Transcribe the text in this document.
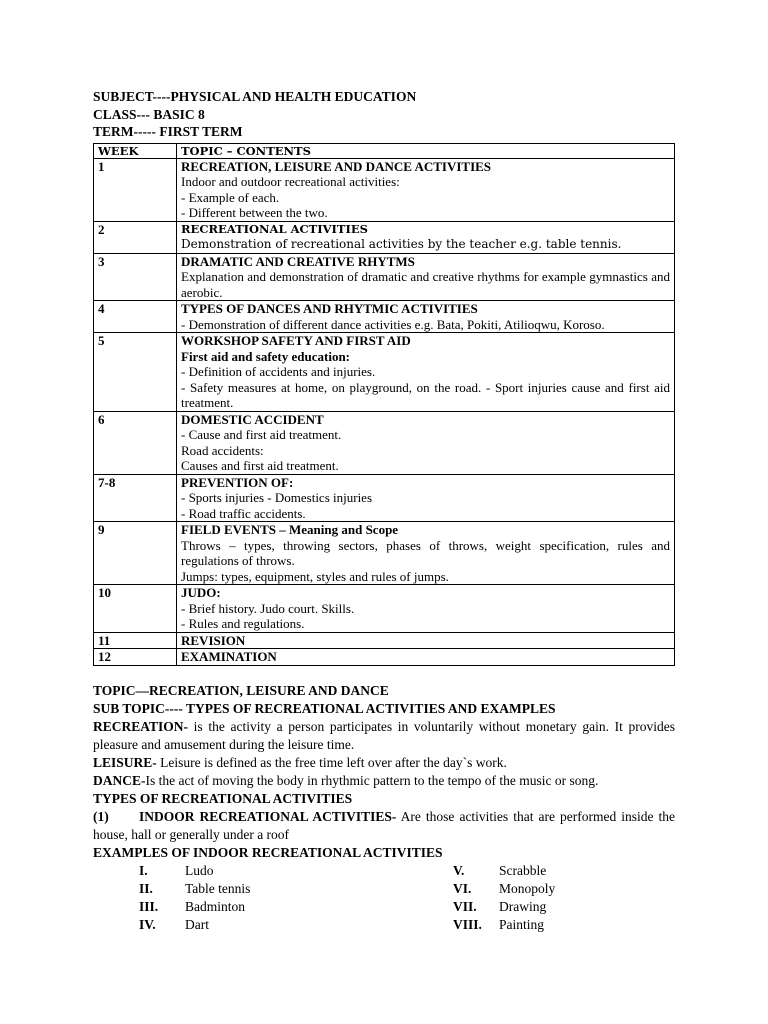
SUBJECT----PHYSICAL AND HEALTH EDUCATION
CLASS--- BASIC 8
TERM----- FIRST TERM
WEEK	TOPIC – CONTENTS
1	RECREATION, LEISURE AND DANCE ACTIVITIES
Indoor and outdoor recreational activities:
- Example of each.
- Different between the two.

2	RECREATIONAL ACTIVITIES
Demonstration of recreational activities by the teacher e.g. table tennis.

3	DRAMATIC AND CREATIVE RHYTMS
Explanation and demonstration of dramatic and creative rhythms for example gymnastics and aerobic.

4	TYPES OF DANCES AND RHYTMIC ACTIVITIES
- Demonstration of different dance activities e.g. Bata, Pokiti, Atilioqwu, Koroso.

5	WORKSHOP SAFETY AND FIRST AID
First aid and safety education:
- Definition of accidents and injuries.
- Safety measures at home, on playground, on the road. - Sport injuries cause and first aid treatment.

6	DOMESTIC ACCIDENT
- Cause and first aid treatment.
Road accidents:
Causes and first aid treatment.

7-8	PREVENTION OF:
- Sports injuries - Domestics injuries
- Road traffic accidents.

9	FIELD EVENTS – Meaning and Scope
Throws – types, throwing sectors, phases of throws, weight specification, rules and regulations of throws.
Jumps: types, equipment, styles and rules of jumps.

10	JUDO:
- Brief history. Judo court. Skills.
- Rules and regulations.

11	REVISION

12	EXAMINATION

TOPIC—RECREATION, LEISURE AND DANCE

SUB TOPIC---- TYPES OF RECREATIONAL ACTIVITIES AND EXAMPLES

RECREATION- is the activity a person participates in voluntarily without monetary gain. It provides pleasure and amusement during the leisure time.

LEISURE- Leisure is defined as the free time left over after the day`s work.

DANCE-Is the act of moving the body in rhythmic pattern to the tempo of the music or song.

TYPES OF RECREATIONAL ACTIVITIES

(1) INDOOR RECREATIONAL ACTIVITIES- Are those activities that are performed inside the house, hall or generally under a roof

EXAMPLES OF INDOOR RECREATIONAL ACTIVITIES

I.	Ludo
II. Table tennis
III. Badminton
IV. Dart
V.	Scrabble
VI. Monopoly
VII. Drawing
VIII. Painting
